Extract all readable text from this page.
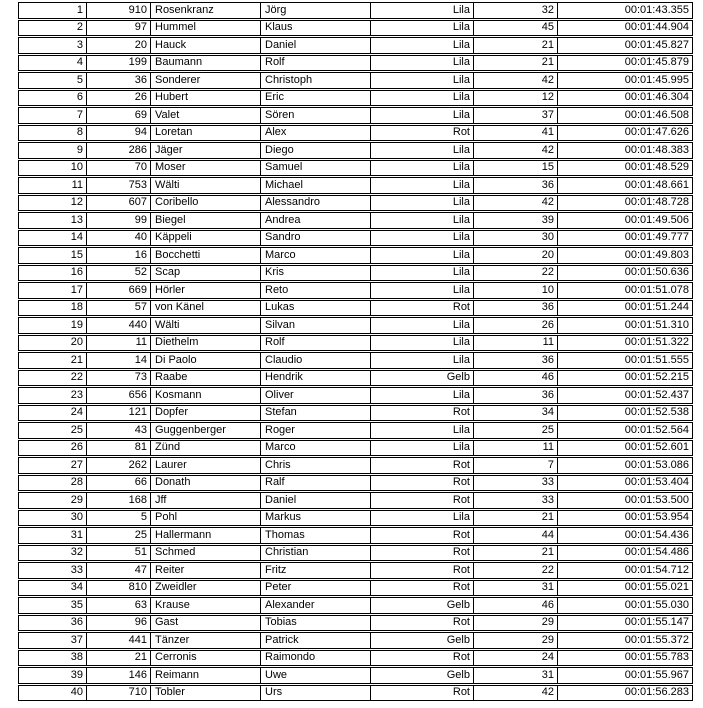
1	910 Rosenkranz	Jörg	Lila	32	00:01:43.355
2	97 Hummel	Klaus	Lila	45	00:01:44.904
3	20 Hauck	Daniel	Lila	21	00:01:45.827
4	199 Baumann	Rolf	Lila	21	00:01:45.879
5	36 Sonderer	Christoph	Lila	42	00:01:45.995
6	26 Hubert	Eric	Lila	12	00:01:46.304
7	69 Valet	Sören	Lila	37	00:01:46.508
8	94 Loretan	Alex	Rot	41	00:01:47.626
9	286 Jäger	Diego	Lila	42	00:01:48.383
10	70 Moser	Samuel	Lila	15	00:01:48.529
11	753 Wälti	Michael	Lila	36	00:01:48.661
12	607 Coribello	Alessandro	Lila	42	00:01:48.728
13	99 Biegel	Andrea	Lila	39	00:01:49.506
14	40 Käppeli	Sandro	Lila	30	00:01:49.777
15	16 Bocchetti	Marco	Lila	20	00:01:49.803
16	52 Scap	Kris	Lila	22	00:01:50.636
17	669 Hörler	Reto	Lila	10	00:01:51.078
18	57 von Känel	Lukas	Rot	36	00:01:51.244
19	440 Wälti	Silvan	Lila	26	00:01:51.310
20	11 Diethelm	Rolf	Lila	11	00:01:51.322
21	14 Di Paolo	Claudio	Lila	36	00:01:51.555
22	73 Raabe	Hendrik	Gelb	46	00:01:52.215
23	656 Kosmann	Oliver	Lila	36	00:01:52.437
24	121 Dopfer	Stefan	Rot	34	00:01:52.538
25	43 Guggenberger	Roger	Lila	25	00:01:52.564
26	81 Zünd	Marco	Lila	11	00:01:52.601
27	262 Laurer	Chris	Rot	7	00:01:53.086
28	66 Donath	Ralf	Rot	33	00:01:53.404
29	168 Jff	Daniel	Rot	33	00:01:53.500
30	5 Pohl	Markus	Lila	21	00:01:53.954
31	25 Hallermann	Thomas	Rot	44	00:01:54.436
32	51 Schmed	Christian	Rot	21	00:01:54.486
33	47 Reiter	Fritz	Rot	22	00:01:54.712
34	810 Zweidler	Peter	Rot	31	00:01:55.021
35	63 Krause	Alexander	Gelb	46	00:01:55.030
36	96 Gast	Tobias	Rot	29	00:01:55.147
37	441 Tänzer	Patrick	Gelb	29	00:01:55.372
38	21 Cerronis	Raimondo	Rot	24	00:01:55.783
39	146 Reimann	Uwe	Gelb	31	00:01:55.967
40	710 Tobler	Urs	Rot	42	00:01:56.283
